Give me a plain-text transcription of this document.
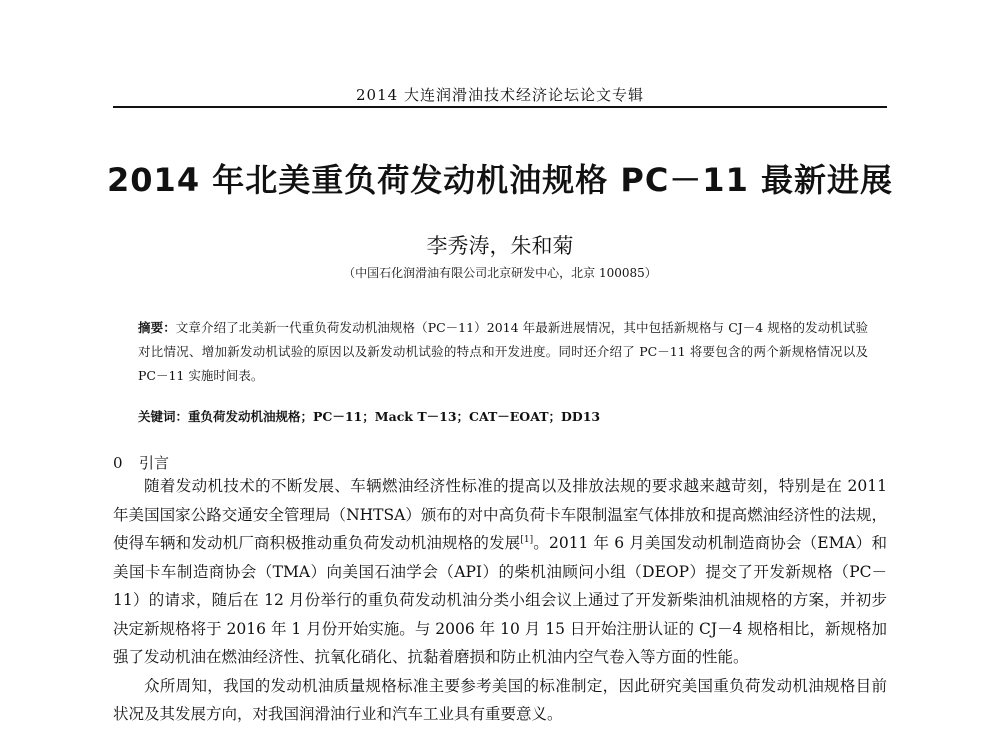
2014 大连润滑油技术经济论坛论文专辑
2014 年北美重负荷发动机油规格 PC－11 最新进展
李秀涛，朱和菊
（中国石化润滑油有限公司北京研发中心，北京 100085）

摘要：文章介绍了北美新一代重负荷发动机油规格（PC－11）2014 年最新进展情况，其中包括新规格与 CJ－4 规格的发动机试验对比情况、增加新发动机试验的原因以及新发动机试验的特点和开发进度。同时还介绍了 PC－11 将要包含的两个新规格情况以及 PC－11 实施时间表。

关键词：重负荷发动机油规格；PC－11；Mack T－13；CAT－EOAT；DD13

0 引言

随着发动机技术的不断发展、车辆燃油经济性标准的提高以及排放法规的要求越来越苛刻，特别是在 2011 年美国国家公路交通安全管理局（NHTSA）颁布的对中高负荷卡车限制温室气体排放和提高燃油经济性的法规，使得车辆和发动机厂商积极推动重负荷发动机油规格的发展[1]。2011 年 6 月美国发动机制造商协会（EMA）和美国卡车制造商协会（TMA）向美国石油学会（API）的柴机油顾问小组（DEOP）提交了开发新规格（PC－11）的请求，随后在 12 月份举行的重负荷发动机油分类小组会议上通过了开发新柴油机油规格的方案，并初步决定新规格将于 2016 年 1 月份开始实施。与 2006 年 10 月 15 日开始注册认证的 CJ－4 规格相比，新规格加强了发动机油在燃油经济性、抗氧化硝化、抗黏着磨损和防止机油内空气卷入等方面的性能。

众所周知，我国的发动机油质量规格标准主要参考美国的标准制定，因此研究美国重负荷发动机油规格目前状况及其发展方向，对我国润滑油行业和汽车工业具有重要意义。
